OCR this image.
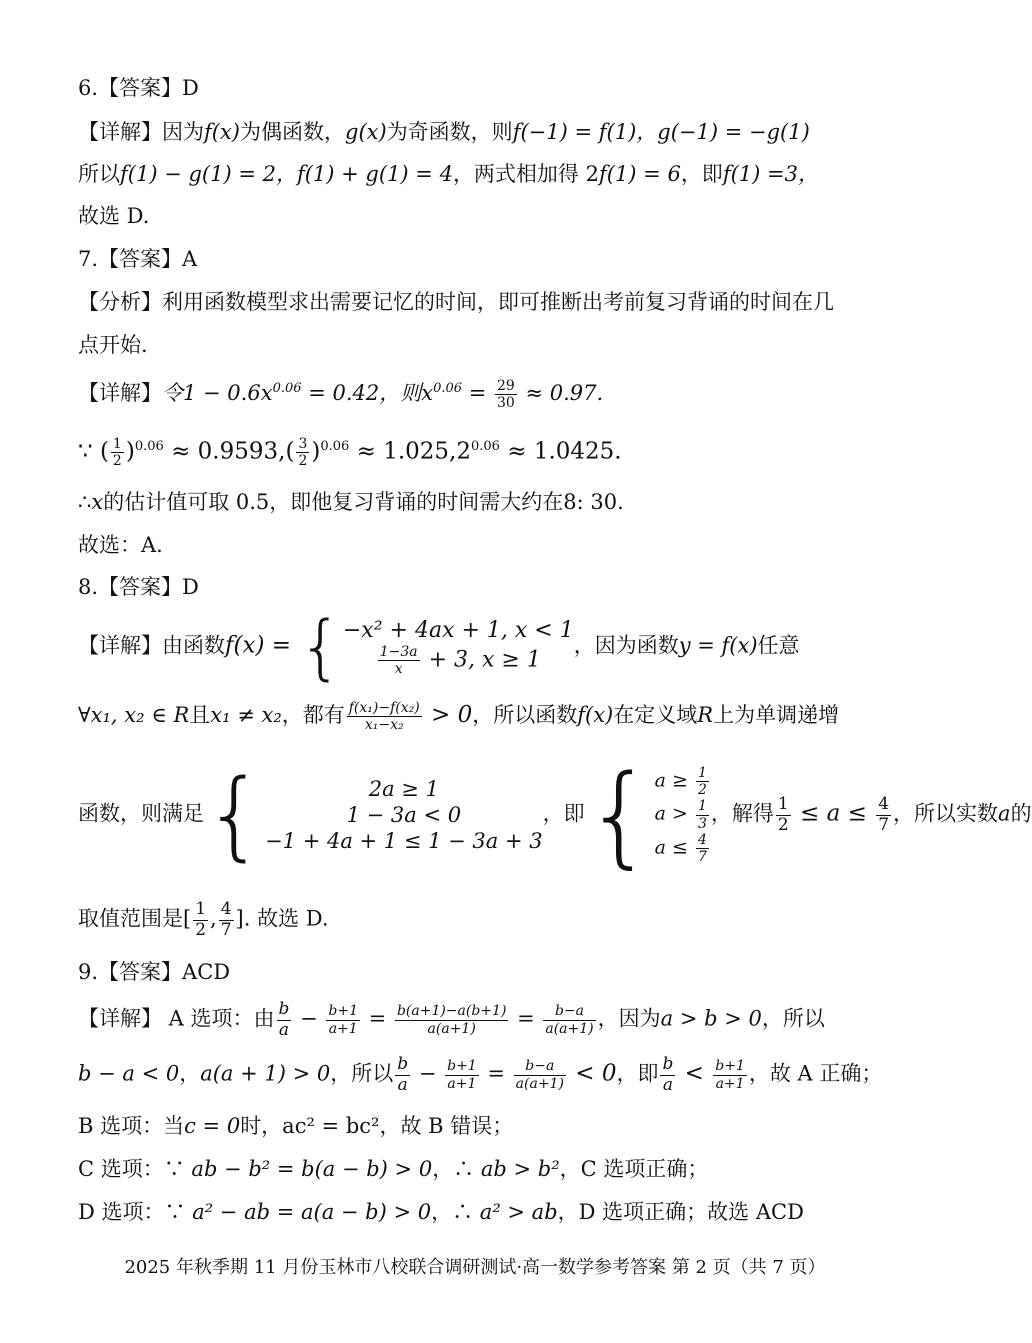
6.【答案】D
【详解】因为f(x)为偶函数，g(x)为奇函数，则f(−1) = f(1)，g(−1) = −g(1)
所以f(1) − g(1) = 2，f(1) + g(1) = 4，两式相加得 2f(1) = 6，即f(1) =3，
故选 D.
7.【答案】A
【分析】利用函数模型求出需要记忆的时间，即可推断出考前复习背诵的时间在几
点开始.
【详解】令$1 - 0.6x^{0.06} = 0.42$，则$x^{0.06} = \frac{29}{30} \approx 0.97$.
∵ ( $\frac{1}{2} )^{0.06} \approx 0.9593,( \frac{3}{2} )^{0.06} \approx 1.025,2^{0.06} \approx 1.0425$.
∴x的估计值可取 0.5，即他复习背诵的时间需大约在8: 30.
故选：A.
8.【答案】D
【详解】由函数f(x) = { −x² + 4ax + 1, x < 1
$\frac{1-3a}{x} + 3$, x ≥ 1
，因为函数y = f(x)任意
∀x₁, x₂ ∈ R且x₁ ≠ x₂，都有 $\frac{\text{f(x₁)−f(x₂)}}{\text{x₁−x₂}} > 0$，所以函数f(x)在定义域R上为单调递增
函数，则满足{	2a ≥ 1
1 − 3a < 0
−1 + 4a + 1 ≤ 1 − 3a + 3
，即{ $a \ge \frac{1}{2}$
$a > \frac{1}{3}$
$a \le \frac{4}{7}$
，解得 $\frac{1}{2} \le a \le \frac{4}{7}$ ，所以实数a的
取值范围是[ $\frac{1}{2}$ , $\frac{4}{7}$ ]. 故选 D.
9.【答案】ACD
【详解】 A 选项：由 $\frac{b}{a} - \frac{b+1}{a+1} = \frac{b(a+1)-a(b+1)}{a(a+1)} = \frac{b-a}{a(a+1)}$ ，因为a > b > 0，所以
b − a < 0，a(a + 1) > 0，所以 $\frac{b}{a} - \frac{b+1}{a+1} = \frac{b-a}{a(a+1)} < 0$，即 $\frac{b}{a} < \frac{b+1}{a+1}$ ，故 A 正确；
B 选项：当c = 0时，ac² = bc²，故 B 错误；
C 选项：∵ ab − b² = b(a − b) > 0，∴ ab > b²，C 选项正确；
D 选项：∵ a² − ab = a(a − b) > 0，∴ a² > ab，D 选项正确；故选 ACD
2025 年秋季期 11 月份玉林市八校联合调研测试·高一数学参考答案 第 2 页（共 7 页）
